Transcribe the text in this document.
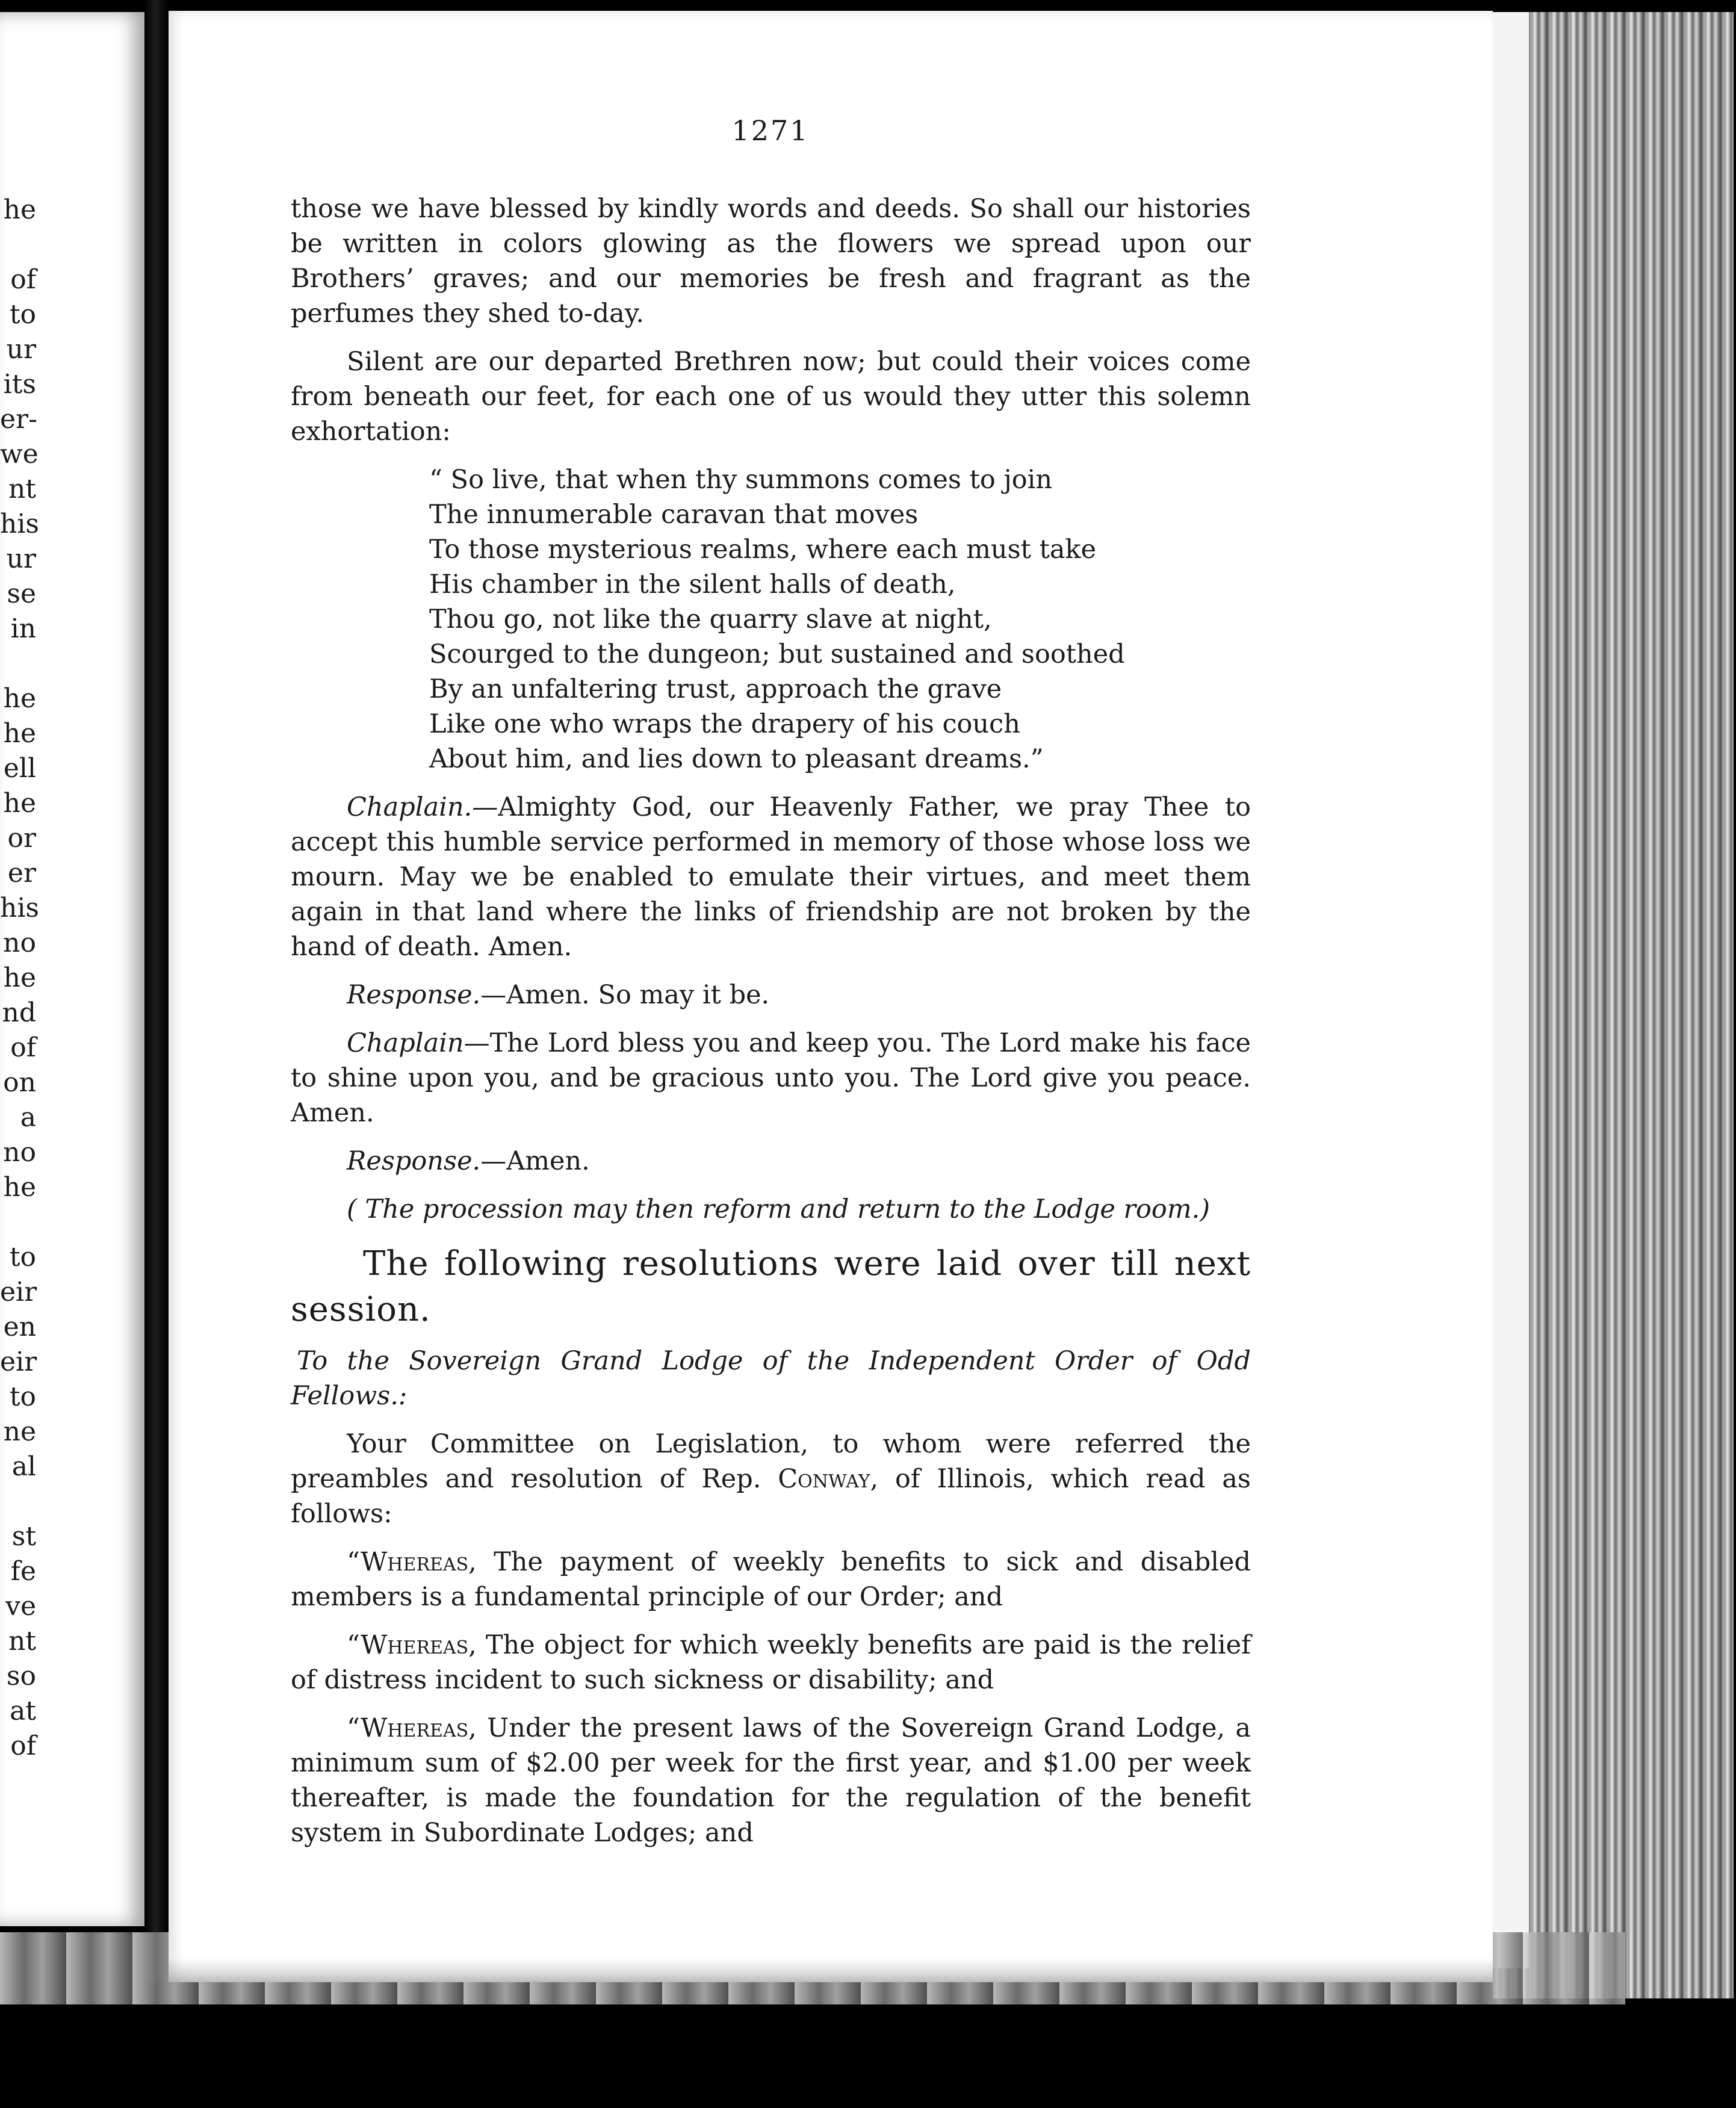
he
of
to
ur
its
er-
we
nt
his
ur
se
in
he
he
ell
he
or
er
his
no
he
nd
of
on
a
no
he
to
eir
en
eir
to
ne
al
st
fe
ve
nt
so
at
of
1271

those we have blessed by kindly words and deeds. So shall our histories be written in colors glowing as the flowers we spread upon our Brothers’ graves; and our memories be fresh and fragrant as the perfumes they shed to-day.

Silent are our departed Brethren now; but could their voices come from beneath our feet, for each one of us would they utter this solemn exhortation:

“ So live, that when thy summons comes to join
The innumerable caravan that moves
To those mysterious realms, where each must take
His chamber in the silent halls of death,
Thou go, not like the quarry slave at night,
Scourged to the dungeon; but sustained and soothed
By an unfaltering trust, approach the grave
Like one who wraps the drapery of his couch
About him, and lies down to pleasant dreams.”

Chaplain.—Almighty God, our Heavenly Father, we pray Thee to accept this humble service performed in memory of those whose loss we mourn. May we be enabled to emulate their virtues, and meet them again in that land where the links of friendship are not broken by the hand of death. Amen.

Response.—Amen. So may it be.

Chaplain—The Lord bless you and keep you. The Lord make his face to shine upon you, and be gracious unto you. The Lord give you peace. Amen.

Response.—Amen.

( The procession may then reform and return to the Lodge room.)

The following resolutions were laid over till next session.

To the Sovereign Grand Lodge of the Independent Order of Odd Fellows.:

Your Committee on Legislation, to whom were referred the preambles and resolution of Rep. Conway, of Illinois, which read as follows:

“Whereas, The payment of weekly benefits to sick and disabled members is a fundamental principle of our Order; and

“Whereas, The object for which weekly benefits are paid is the relief of distress incident to such sickness or disability; and

“Whereas, Under the present laws of the Sovereign Grand Lodge, a minimum sum of $2.00 per week for the first year, and $1.00 per week thereafter, is made the foundation for the regulation of the benefit system in Subordinate Lodges; and
